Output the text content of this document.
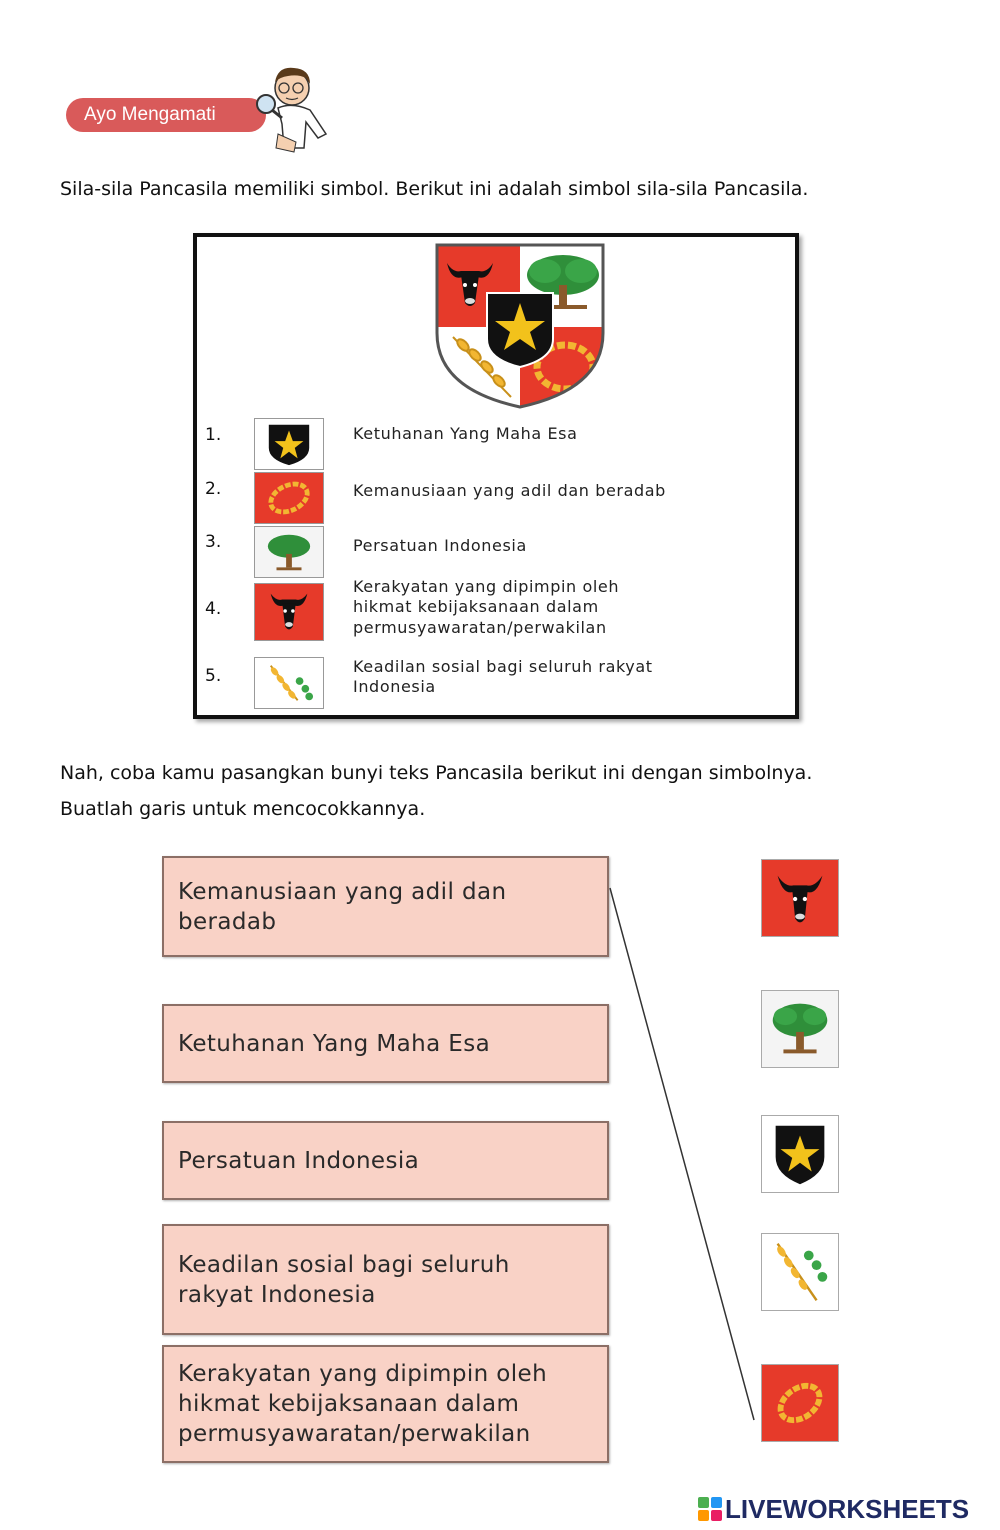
Ayo Mengamati

Sila-sila Pancasila memiliki simbol. Berikut ini adalah simbol sila-sila Pancasila.

1.	Ketuhanan Yang Maha Esa
2.	Kemanusiaan yang adil dan beradab
3.	Persatuan Indonesia
4.
Kerakyatan yang dipimpin oleh
hikmat kebijaksanaan dalam
permusyawaratan/perwakilan
5.	Keadilan sosial bagi seluruh rakyat
Indonesia

Nah, coba kamu pasangkan bunyi teks Pancasila berikut ini dengan simbolnya.

Buatlah garis untuk mencocokkannya.

Kemanusiaan yang adil dan
beradab
Ketuhanan Yang Maha Esa
Persatuan Indonesia
Keadilan sosial bagi seluruh
rakyat Indonesia
Kerakyatan yang dipimpin oleh
hikmat kebijaksanaan dalam
permusyawaratan/perwakilan
LIVEWORKSHEETS
